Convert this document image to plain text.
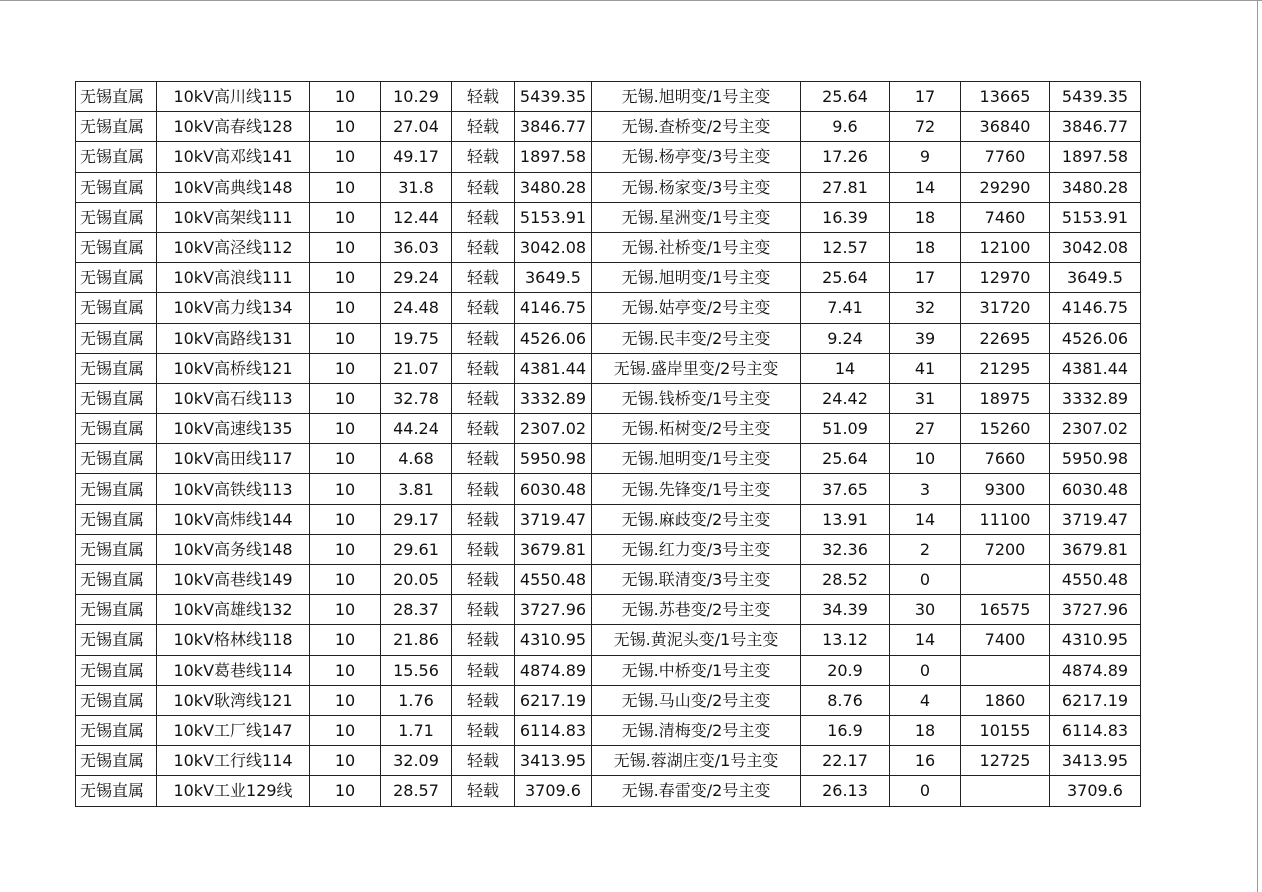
无锡直属	10kV高川线115	10	10.29	轻载	5439.35	无锡.旭明变/1号主变	25.64	17	13665	5439.35
无锡直属	10kV高春线128	10	27.04	轻载	3846.77	无锡.查桥变/2号主变	9.6	72	36840	3846.77
无锡直属	10kV高邓线141	10	49.17	轻载	1897.58	无锡.杨亭变/3号主变	17.26	9	7760	1897.58
无锡直属	10kV高典线148	10	31.8	轻载	3480.28	无锡.杨家变/3号主变	27.81	14	29290	3480.28
无锡直属	10kV高架线111	10	12.44	轻载	5153.91	无锡.星洲变/1号主变	16.39	18	7460	5153.91
无锡直属	10kV高泾线112	10	36.03	轻载	3042.08	无锡.社桥变/1号主变	12.57	18	12100	3042.08
无锡直属	10kV高浪线111	10	29.24	轻载	3649.5	无锡.旭明变/1号主变	25.64	17	12970	3649.5
无锡直属	10kV高力线134	10	24.48	轻载	4146.75	无锡.姑亭变/2号主变	7.41	32	31720	4146.75
无锡直属	10kV高路线131	10	19.75	轻载	4526.06	无锡.民丰变/2号主变	9.24	39	22695	4526.06
无锡直属	10kV高桥线121	10	21.07	轻载	4381.44	无锡.盛岸里变/2号主变	14	41	21295	4381.44
无锡直属	10kV高石线113	10	32.78	轻载	3332.89	无锡.钱桥变/1号主变	24.42	31	18975	3332.89
无锡直属	10kV高速线135	10	44.24	轻载	2307.02	无锡.柘树变/2号主变	51.09	27	15260	2307.02
无锡直属	10kV高田线117	10	4.68	轻载	5950.98	无锡.旭明变/1号主变	25.64	10	7660	5950.98
无锡直属	10kV高铁线113	10	3.81	轻载	6030.48	无锡.先锋变/1号主变	37.65	3	9300	6030.48
无锡直属	10kV高炜线144	10	29.17	轻载	3719.47	无锡.麻歧变/2号主变	13.91	14	11100	3719.47
无锡直属	10kV高务线148	10	29.61	轻载	3679.81	无锡.红力变/3号主变	32.36	2	7200	3679.81
无锡直属	10kV高巷线149	10	20.05	轻载	4550.48	无锡.联清变/3号主变	28.52	0		4550.48
无锡直属	10kV高雄线132	10	28.37	轻载	3727.96	无锡.苏巷变/2号主变	34.39	30	16575	3727.96
无锡直属	10kV格林线118	10	21.86	轻载	4310.95	无锡.黄泥头变/1号主变	13.12	14	7400	4310.95
无锡直属	10kV葛巷线114	10	15.56	轻载	4874.89	无锡.中桥变/1号主变	20.9	0		4874.89
无锡直属	10kV耿湾线121	10	1.76	轻载	6217.19	无锡.马山变/2号主变	8.76	4	1860	6217.19
无锡直属	10kV工厂线147	10	1.71	轻载	6114.83	无锡.清梅变/2号主变	16.9	18	10155	6114.83
无锡直属	10kV工行线114	10	32.09	轻载	3413.95	无锡.蓉湖庄变/1号主变	22.17	16	12725	3413.95
无锡直属	10kV工业129线	10	28.57	轻载	3709.6	无锡.春雷变/2号主变	26.13	0		3709.6
